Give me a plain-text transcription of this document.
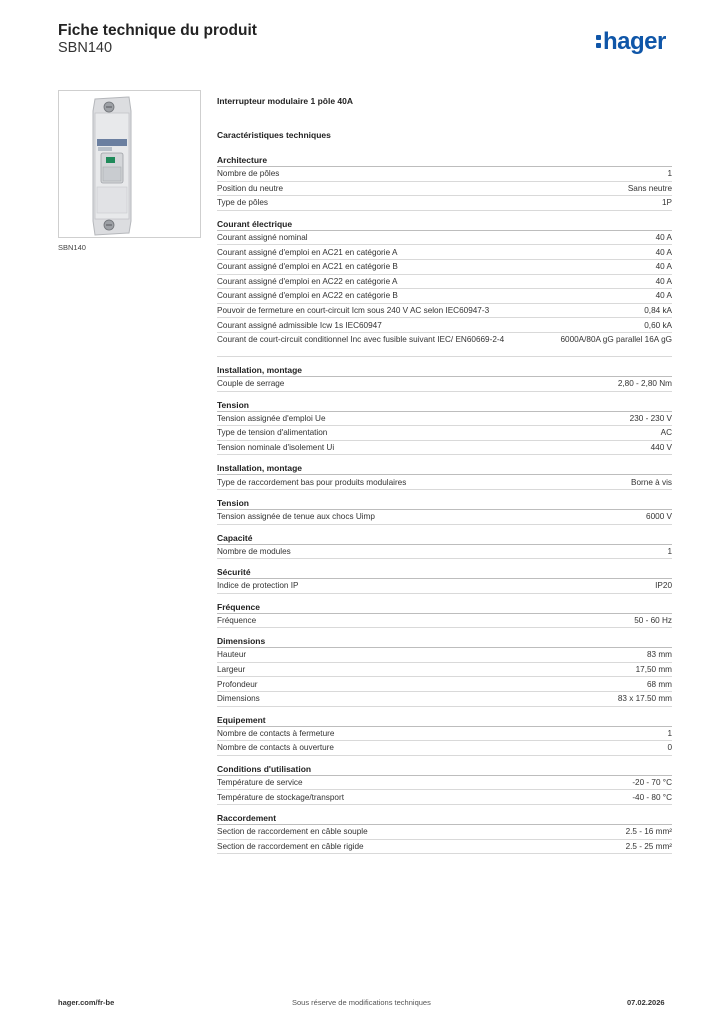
Fiche technique du produit
SBN140	hager
SBN140
Interrupteur modulaire 1 pôle 40A
Caractéristiques techniques
Architecture
Nombre de pôles	1
Position du neutre	Sans neutre
Type de pôles	1P
Courant électrique
Courant assigné nominal	40 A
Courant assigné d'emploi en AC21 en catégorie A	40 A
Courant assigné d'emploi en AC21 en catégorie B	40 A
Courant assigné d'emploi en AC22 en catégorie A	40 A
Courant assigné d'emploi en AC22 en catégorie B	40 A
Pouvoir de fermeture en court-circuit Icm sous 240 V AC selon IEC60947-3	0,84 kA
Courant assigné admissible Icw 1s IEC60947	0,60 kA
Courant de court-circuit conditionnel Inc avec fusible suivant IEC/ EN60669-2-4	6000A/80A gG parallel 16A gG
Installation, montage
Couple de serrage	2,80 - 2,80 Nm
Tension
Tension assignée d'emploi Ue	230 - 230 V
Type de tension d'alimentation	AC
Tension nominale d'isolement Ui	440 V
Installation, montage
Type de raccordement bas pour produits modulaires	Borne à vis
Tension
Tension assignée de tenue aux chocs Uimp	6000 V
Capacité
Nombre de modules	1
Sécurité
Indice de protection IP	IP20
Fréquence
Fréquence	50 - 60 Hz
Dimensions
Hauteur	83 mm
Largeur	17,50 mm
Profondeur	68 mm
Dimensions	83 x 17.50 mm
Equipement
Nombre de contacts à fermeture	1
Nombre de contacts à ouverture	0
Conditions d'utilisation
Température de service	-20 - 70 °C
Température de stockage/transport	-40 - 80 °C
Raccordement
Section de raccordement en câble souple	2.5 - 16 mm²
Section de raccordement en câble rigide	2.5 - 25 mm²
hager.com/fr-be	Sous réserve de modifications techniques	07.02.2026
